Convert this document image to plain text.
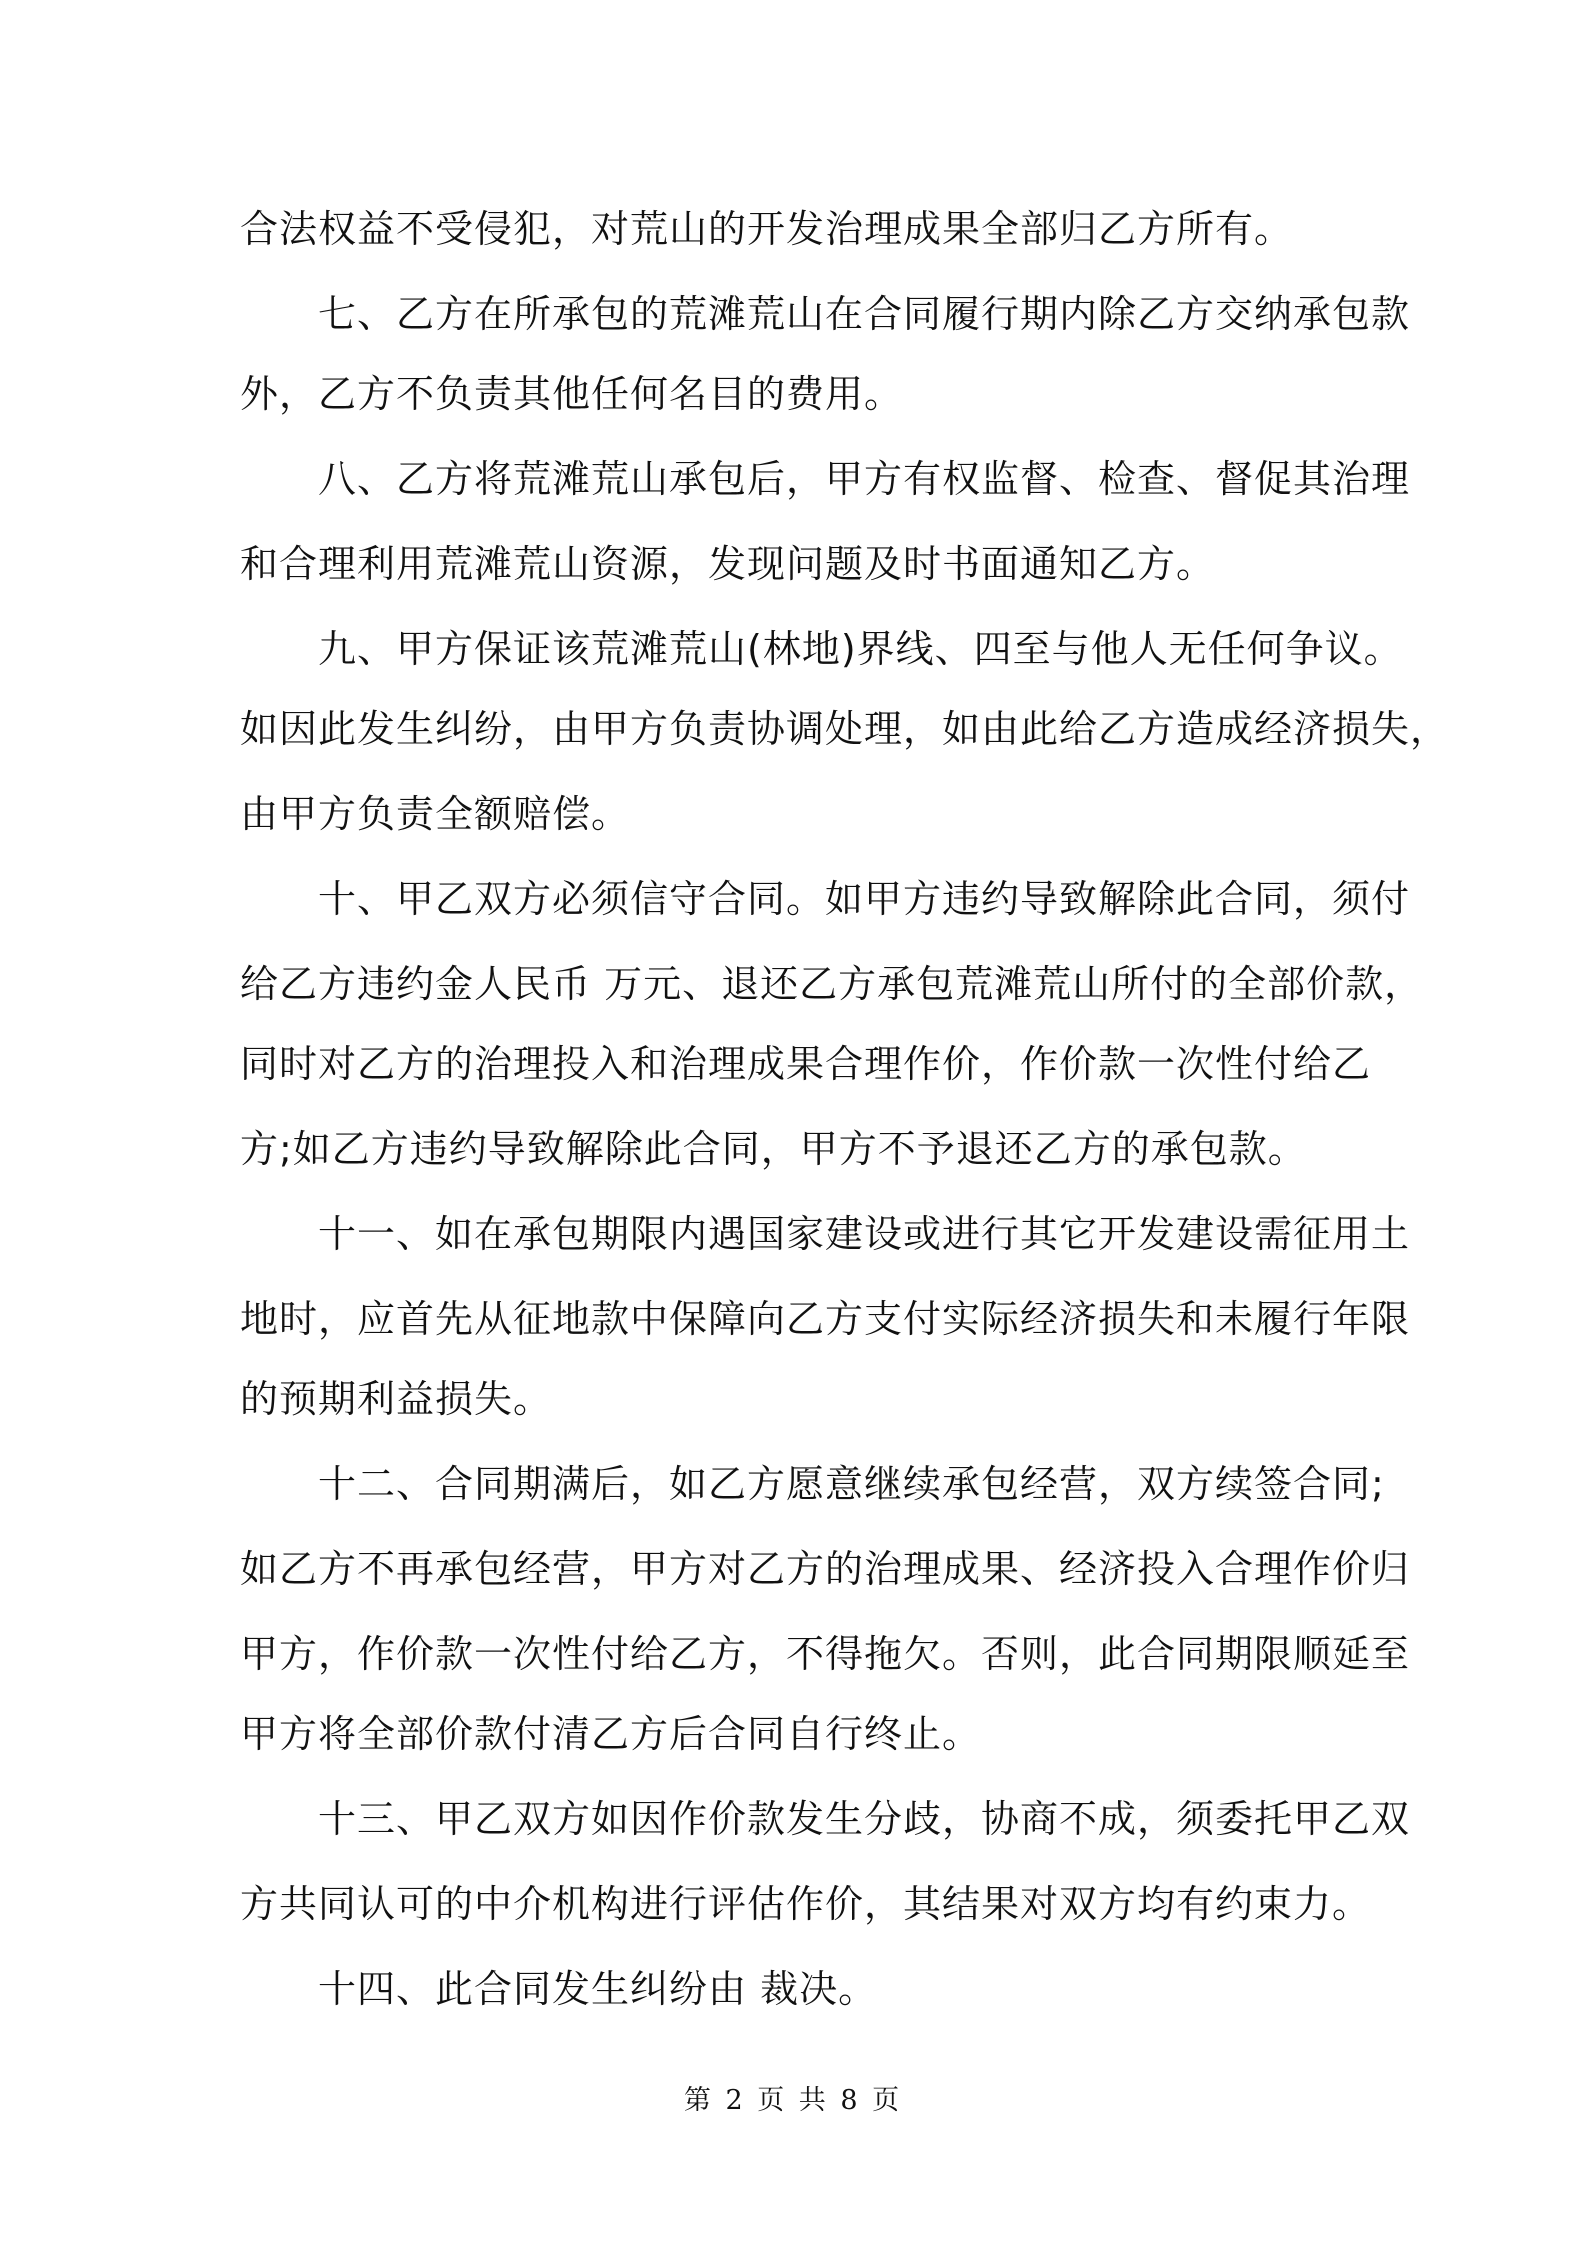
合法权益不受侵犯，对荒山的开发治理成果全部归乙方所有。
　　七、乙方在所承包的荒滩荒山在合同履行期内除乙方交纳承包款
外，乙方不负责其他任何名目的费用。
　　八、乙方将荒滩荒山承包后，甲方有权监督、检查、督促其治理
和合理利用荒滩荒山资源，发现问题及时书面通知乙方。
　　九、甲方保证该荒滩荒山(林地)界线、四至与他人无任何争议。
如因此发生纠纷，由甲方负责协调处理，如由此给乙方造成经济损失，
由甲方负责全额赔偿。
　　十、甲乙双方必须信守合同。如甲方违约导致解除此合同，须付
给乙方违约金人民币 万元、退还乙方承包荒滩荒山所付的全部价款，
同时对乙方的治理投入和治理成果合理作价，作价款一次性付给乙
方;如乙方违约导致解除此合同，甲方不予退还乙方的承包款。
　　十一、如在承包期限内遇国家建设或进行其它开发建设需征用土
地时，应首先从征地款中保障向乙方支付实际经济损失和未履行年限
的预期利益损失。
　　十二、合同期满后，如乙方愿意继续承包经营，双方续签合同;
如乙方不再承包经营，甲方对乙方的治理成果、经济投入合理作价归
甲方，作价款一次性付给乙方，不得拖欠。否则，此合同期限顺延至
甲方将全部价款付清乙方后合同自行终止。
　　十三、甲乙双方如因作价款发生分歧，协商不成，须委托甲乙双
方共同认可的中介机构进行评估作价，其结果对双方均有约束力。
　　十四、此合同发生纠纷由 裁决。
第 2 页 共 8 页
